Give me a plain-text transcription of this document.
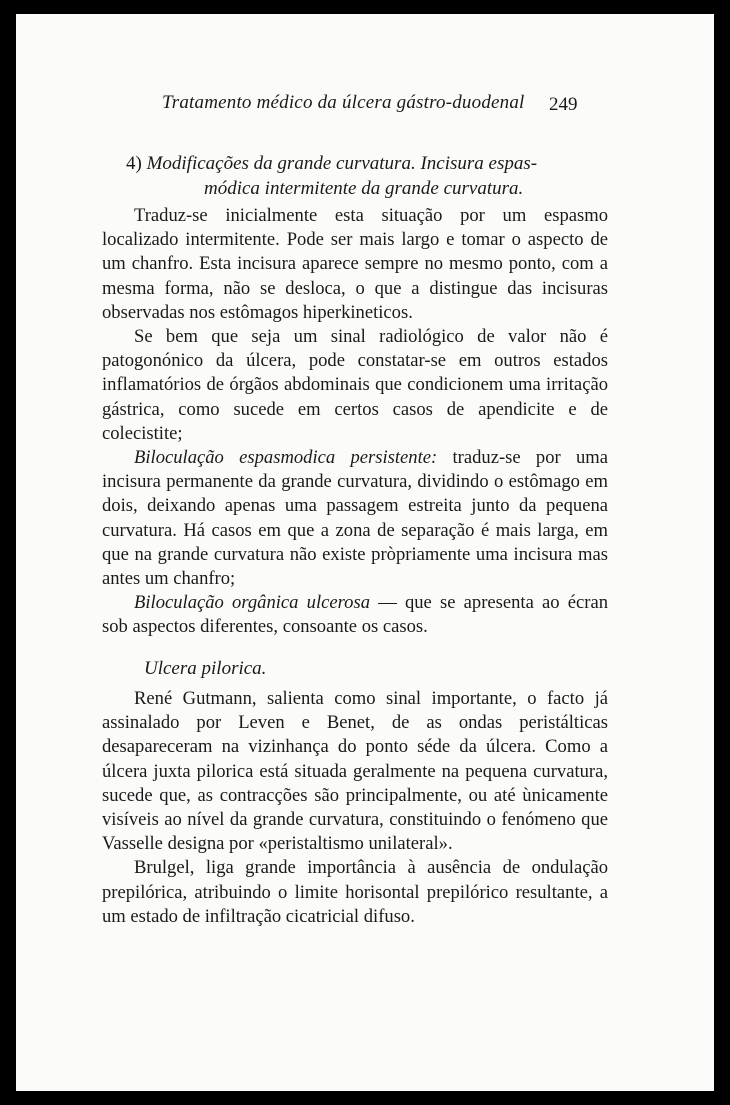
Tratamento médico da úlcera gástro-duodenal 249
4) Modificações da grande curvatura. Incisura espas-
módica intermitente da grande curvatura.

Traduz-se inicialmente esta situação por um espasmo localizado intermitente. Pode ser mais largo e tomar o aspecto de um chanfro. Esta incisura aparece sempre no mesmo ponto, com a mesma forma, não se desloca, o que a distingue das incisuras observadas nos estômagos hiperkineticos.

Se bem que seja um sinal radiológico de valor não é patogonónico da úlcera, pode constatar-se em outros estados inflamatórios de órgãos abdominais que condicionem uma irritação gástrica, como sucede em certos casos de apendicite e de colecistite;

Biloculação espasmodica persistente: traduz-se por uma incisura permanente da grande curvatura, dividindo o estômago em dois, deixando apenas uma passagem estreita junto da pequena curvatura. Há casos em que a zona de separação é mais larga, em que na grande curvatura não existe pròpriamente uma incisura mas antes um chanfro;

Biloculação orgânica ulcerosa — que se apresenta ao écran sob aspectos diferentes, consoante os casos.

Ulcera pilorica.

René Gutmann, salienta como sinal importante, o facto já assinalado por Leven e Benet, de as ondas peristálticas desapareceram na vizinhança do ponto séde da úlcera. Como a úlcera juxta pilorica está situada geralmente na pequena curvatura, sucede que, as contracções são principalmente, ou até ùnicamente visíveis ao nível da grande curvatura, constituindo o fenómeno que Vasselle designa por «peristaltismo unilateral».

Brulgel, liga grande importância à ausência de ondulação prepilórica, atribuindo o limite horisontal prepilórico resultante, a um estado de infiltração cicatricial difuso.
